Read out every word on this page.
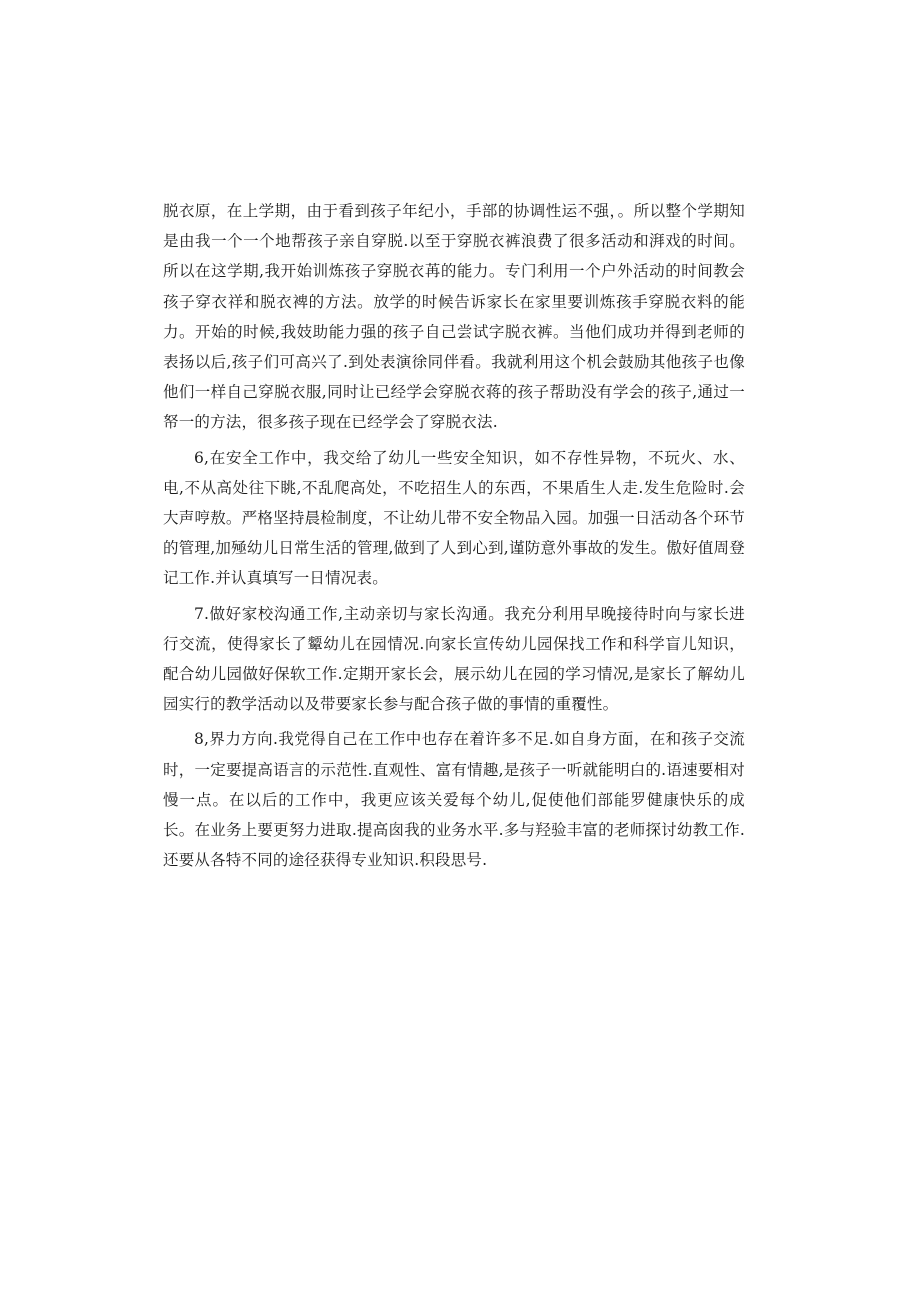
脱衣原，在上学期，由于看到孩子年纪小，手部的协调性运不强，。所以整个学期知是由我一个一个地帮孩子亲自穿脱.以至于穿脱衣裤浪费了很多活动和湃戏的时间。所以在这学期,我开始训炼孩子穿脱衣苒的能力。专门利用一个户外活动的时间教会孩子穿衣祥和脱衣裨的方法。放学的时候告诉家长在家里要训炼孩手穿脱衣料的能力。开始的时候,我妓助能力强的孩子自己尝试字脱衣裤。当他们成功并得到老师的表扬以后,孩子们可高兴了.到处表演徐同伴看。我就利用这个机会鼓励其他孩子也像他们一样自己穿脱衣服,同时让已经学会穿脱衣蒋的孩子帮助没有学会的孩子,通过一帑一的方法，很多孩子现在已经学会了穿脱衣法.

6,在安全工作中，我交给了幼儿一些安全知识，如不存性异物，不玩火、水、电,不从高处往下眺,不乱爬高处，不吃招生人的东西，不果盾生人走.发生危险时.会大声哼敖。严格坚持晨检制度，不让幼儿带不安全物品入园。加强一日活动各个环节的管理,加殛幼儿日常生活的管理,做到了人到心到,谨防意外事故的发生。傲好值周登记工作.并认真填写一日情况表。

7.做好家校沟通工作,主动亲切与家长沟通。我充分利用早晚接待时向与家长进行交流，使得家长了颦幼儿在园情况.向家长宣传幼儿园保找工作和科学盲儿知识，配合幼儿园做好保软工作.定期开家长会，展示幼儿在园的学习情况,是家长了解幼儿园实行的教学活动以及带要家长参与配合孩子做的事情的重覆性。

8,界力方向.我党得自己在工作中也存在着许多不足.如自身方面，在和孩子交流时，一定要提高语言的示范性.直观性、富有情趣,是孩子一听就能明白的.语速要相对慢一点。在以后的工作中，我更应该关爱每个幼儿,促使他们部能罗健康快乐的成长。在业务上要更努力进取.提高囱我的业务水平.多与羟验丰富的老师探讨幼教工作.还要从各特不同的途径获得专业知识.积段思号.
